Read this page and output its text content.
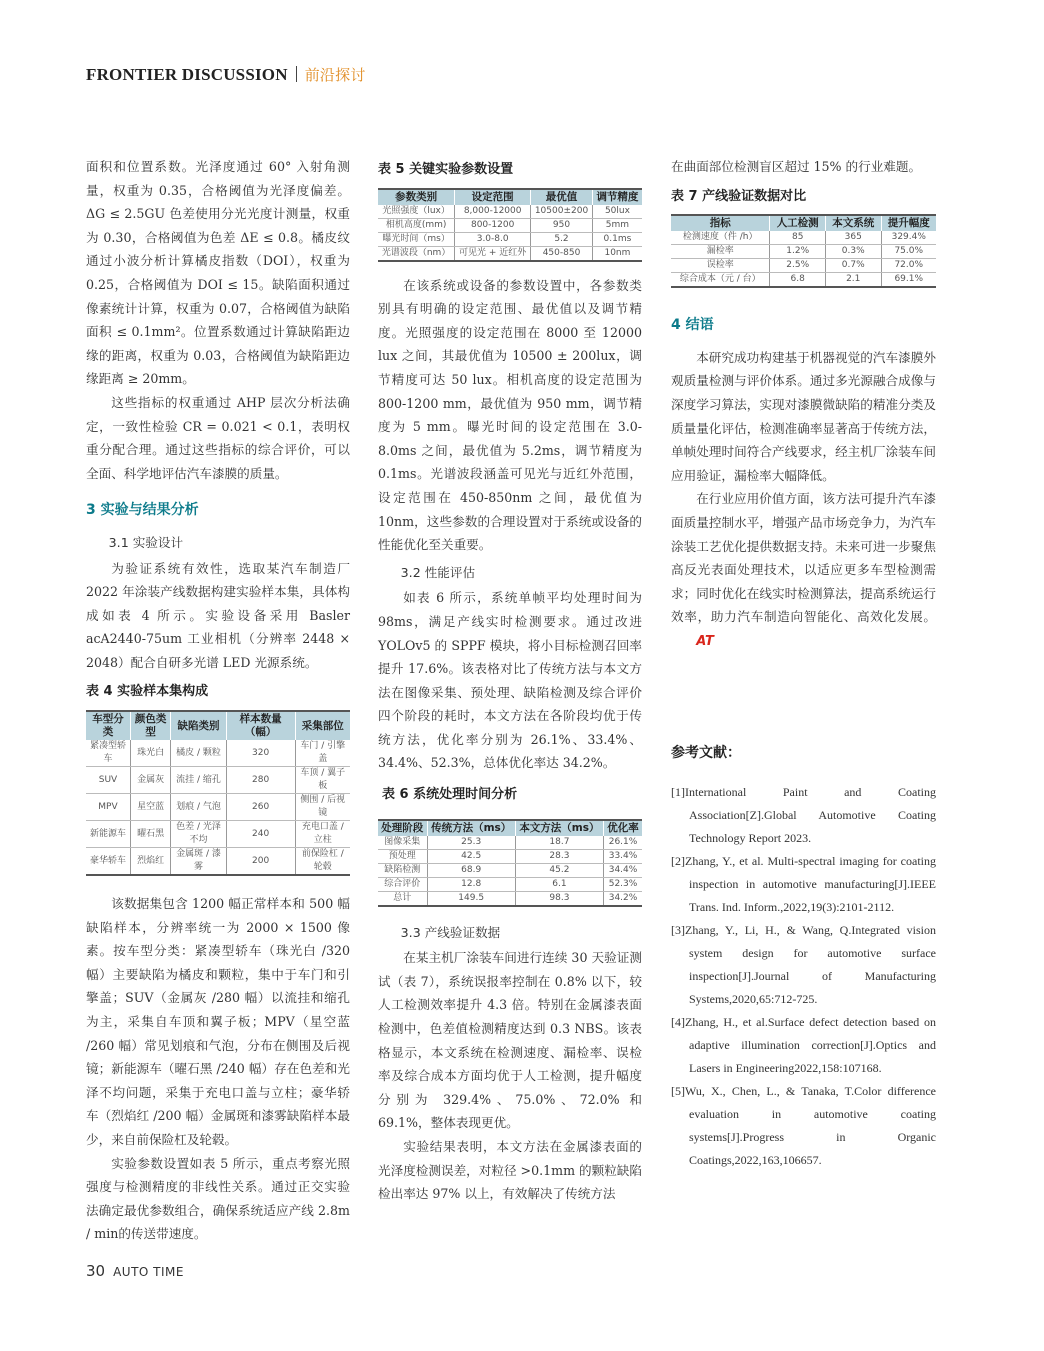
FRONTIER DISCUSSION 前沿探讨

面积和位置系数。光泽度通过 60° 入射角测量，权重为 0.35，合格阈值为光泽度偏差。ΔG ≤ 2.5GU 色差使用分光光度计测量，权重为 0.30，合格阈值为色差 ΔE ≤ 0.8。橘皮纹通过小波分析计算橘皮指数（DOI），权重为 0.25，合格阈值为 DOI ≤ 15。缺陷面积通过像素统计计算，权重为 0.07，合格阈值为缺陷面积 ≤ 0.1mm²。位置系数通过计算缺陷距边缘的距离，权重为 0.03，合格阈值为缺陷距边缘距离 ≥ 20mm。

这些指标的权重通过 AHP 层次分析法确定，一致性检验 CR = 0.021 < 0.1，表明权重分配合理。通过这些指标的综合评价，可以全面、科学地评估汽车漆膜的质量。

3 实验与结果分析
3.1 实验设计

为验证系统有效性，选取某汽车制造厂 2022 年涂装产线数据构建实验样本集，具体构成如表 4 所示。实验设备采用 Basler acA2440-75um 工业相机（分辨率 2448 × 2048）配合自研多光谱 LED 光源系统。

表 4 实验样本集构成
车型分类	颜色类型	缺陷类别	样本数量（幅）	采集部位
紧凑型轿车	珠光白	橘皮 / 颗粒	320	车门 / 引擎盖
SUV	金属灰	流挂 / 缩孔	280	车顶 / 翼子板
MPV	星空蓝	划痕 / 气泡	260	侧围 / 后视镜
新能源车	曜石黑	色差 / 光泽不均	240	充电口盖 / 立柱
豪华轿车	烈焰红	金属斑 / 漆雾	200	前保险杠 / 轮毂

该数据集包含 1200 幅正常样本和 500 幅缺陷样本，分辨率统一为 2000 × 1500 像素。按车型分类：紧凑型轿车（珠光白 /320 幅）主要缺陷为橘皮和颗粒，集中于车门和引擎盖；SUV（金属灰 /280 幅）以流挂和缩孔为主，采集自车顶和翼子板；MPV（星空蓝 /260 幅）常见划痕和气泡，分布在侧围及后视镜；新能源车（曜石黑 /240 幅）存在色差和光泽不均问题，采集于充电口盖与立柱；豪华轿车（烈焰红 /200 幅）金属斑和漆雾缺陷样本最少，来自前保险杠及轮毂。

实验参数设置如表 5 所示，重点考察光照强度与检测精度的非线性关系。通过正交实验法确定最优参数组合，确保系统适应产线 2.8m / min的传送带速度。

表 5 关键实验参数设置
参数类别	设定范围	最优值	调节精度
光照强度（lux）	8,000-12000	10500±200	50lux
相机高度(mm)	800-1200	950	5mm
曝光时间（ms）	3.0-8.0	5.2	0.1ms
光谱波段（nm）	可见光 + 近红外	450-850	10nm

在该系统或设备的参数设置中，各参数类别具有明确的设定范围、最优值以及调节精度。光照强度的设定范围在 8000 至 12000 lux 之间，其最优值为 10500 ± 200lux，调节精度可达 50 lux。相机高度的设定范围为 800-1200 mm，最优值为 950 mm，调节精度为 5 mm。曝光时间的设定范围在 3.0-8.0ms 之间，最优值为 5.2ms，调节精度为 0.1ms。光谱波段涵盖可见光与近红外范围，设定范围在 450-850nm 之间，最优值为 10nm，这些参数的合理设置对于系统或设备的性能优化至关重要。

3.2 性能评估

如表 6 所示，系统单帧平均处理时间为 98ms，满足产线实时检测要求。通过改进 YOLOv5 的 SPPF 模块，将小目标检测召回率提升 17.6%。该表格对比了传统方法与本文方法在图像采集、预处理、缺陷检测及综合评价四个阶段的耗时，本文方法在各阶段均优于传统方法，优化率分别为 26.1%、33.4%、34.4%、52.3%，总体优化率达 34.2%。

表 6 系统处理时间分析
处理阶段	传统方法（ms）	本文方法（ms）	优化率
图像采集	25.3	18.7	26.1%
预处理	42.5	28.3	33.4%
缺陷检测	68.9	45.2	34.4%
综合评价	12.8	6.1	52.3%
总计	149.5	98.3	34.2%
3.3 产线验证数据

在某主机厂涂装车间进行连续 30 天验证测试（表 7），系统误报率控制在 0.8% 以下，较人工检测效率提升 4.3 倍。特别在金属漆表面检测中，色差值检测精度达到 0.3 NBS。该表格显示，本文系统在检测速度、漏检率、误检率及综合成本方面均优于人工检测，提升幅度分别为 329.4%、75.0%、72.0% 和 69.1%，整体表现更优。

实验结果表明，本文方法在金属漆表面的光泽度检测误差，对粒径 >0.1mm 的颗粒缺陷检出率达 97% 以上，有效解决了传统方法

在曲面部位检测盲区超过 15% 的行业难题。

表 7 产线验证数据对比
指标	人工检测	本文系统	提升幅度
检测速度（件 /h）	85	365	329.4%
漏检率	1.2%	0.3%	75.0%
误检率	2.5%	0.7%	72.0%
综合成本（元 / 台）	6.8	2.1	69.1%
4 结语

本研究成功构建基于机器视觉的汽车漆膜外观质量检测与评价体系。通过多光源融合成像与深度学习算法，实现对漆膜微缺陷的精准分类及质量量化评估，检测准确率显著高于传统方法，单帧处理时间符合产线要求，经主机厂涂装车间应用验证，漏检率大幅降低。

在行业应用价值方面，该方法可提升汽车漆面质量控制水平，增强产品市场竞争力，为汽车涂装工艺优化提供数据支持。未来可进一步聚焦高反光表面处理技术，以适应更多车型检测需求；同时优化在线实时检测算法，提高系统运行效率，助力汽车制造向智能化、高效化发展。AT

参考文献：

[1]International Paint and Coating Association[Z].Global Automotive Coating Technology Report 2023.

[2]Zhang, Y., et al. Multi-spectral imaging for coating inspection in automotive manufacturing[J].IEEE Trans. Ind. Inform.,2022,19(3):2101-2112.

[3]Zhang, Y., Li, H., & Wang, Q.Integrated vision system design for automotive surface inspection[J].Journal of Manufacturing Systems,2020,65:712-725.

[4]Zhang, H., et al.Surface defect detection based on adaptive illumination correction[J].Optics and Lasers in Engineering2022,158:107168.

[5]Wu, X., Chen, L., & Tanaka, T.Color difference evaluation in automotive coating systems[J].Progress in Organic Coatings,2022,163,106657.

30 AUTO TIME
